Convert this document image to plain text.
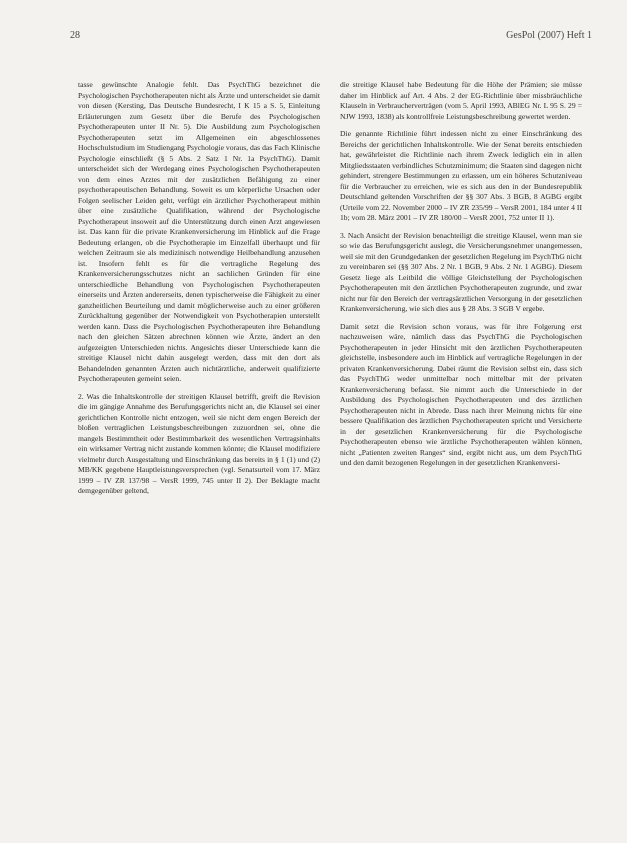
28	GesPol (2007) Heft 1

tasse gewünschte Analogie fehlt. Das PsychThG bezeichnet die Psychologischen Psychotherapeuten nicht als Ärzte und unterscheidet sie damit von diesen (Kersting, Das Deutsche Bundesrecht, I K 15 a S. 5, Einleitung Erläuterungen zum Gesetz über die Berufe des Psychologischen Psychotherapeuten unter II Nr. 5). Die Ausbildung zum Psychologischen Psychotherapeuten setzt im Allgemeinen ein abgeschlossenes Hochschulstudium im Studiengang Psychologie voraus, das das Fach Klinische Psychologie einschließt (§ 5 Abs. 2 Satz 1 Nr. 1a PsychThG). Damit unterscheidet sich der Werdegang eines Psychologischen Psychotherapeuten von dem eines Arztes mit der zusätzlichen Befähigung zu einer psychotherapeutischen Behandlung. Soweit es um körperliche Ursachen oder Folgen seelischer Leiden geht, verfügt ein ärztlicher Psychotherapeut mithin über eine zusätzliche Qualifikation, während der Psychologische Psychotherapeut insoweit auf die Unterstützung durch einen Arzt angewiesen ist. Das kann für die private Krankenversicherung im Hinblick auf die Frage Bedeutung erlangen, ob die Psychotherapie im Einzelfall überhaupt und für welchen Zeitraum sie als medizinisch notwendige Heilbehandlung anzusehen ist. Insofern fehlt es für die vertragliche Regelung des Krankenversicherungsschutzes nicht an sachlichen Gründen für eine unterschiedliche Behandlung von Psychologischen Psychotherapeuten einerseits und Ärzten andererseits, denen typischerweise die Fähigkeit zu einer ganzheitlichen Beurteilung und damit möglicherweise auch zu einer größeren Zurückhaltung gegenüber der Notwendigkeit von Psychotherapien unterstellt werden kann. Dass die Psychologischen Psychotherapeuten ihre Behandlung nach den gleichen Sätzen abrechnen können wie Ärzte, ändert an den aufgezeigten Unterschieden nichts. Angesichts dieser Unterschiede kann die streitige Klausel nicht dahin ausgelegt werden, dass mit den dort als Behandelnden genannten Ärzten auch nichtärztliche, anderweit qualifizierte Psychotherapeuten gemeint seien.

2. Was die Inhaltskontrolle der streitigen Klausel betrifft, greift die Revision die im gängige Annahme des Berufungsgerichts nicht an, die Klausel sei einer gerichtlichen Kontrolle nicht entzogen, weil sie nicht dem engen Bereich der bloßen vertraglichen Leistungsbeschreibungen zuzuordnen sei, ohne die mangels Bestimmtheit oder Bestimmbarkeit des wesentlichen Vertragsinhalts ein wirksamer Vertrag nicht zustande kommen könnte; die Klausel modifiziere vielmehr durch Ausgestaltung und Einschränkung das bereits in § 1 (1) und (2) MB/KK gegebene Hauptleistungsversprechen (vgl. Senatsurteil vom 17. März 1999 – IV ZR 137/98 – VersR 1999, 745 unter II 2). Der Beklagte macht demgegenüber geltend,

die streitige Klausel habe Bedeutung für die Höhe der Prämien; sie müsse daher im Hinblick auf Art. 4 Abs. 2 der EG-Richtlinie über missbräuchliche Klauseln in Verbraucherverträgen (vom 5. April 1993, ABlEG Nr. L 95 S. 29 = NJW 1993, 1838) als kontrollfreie Leistungsbeschreibung gewertet werden.

Die genannte Richtlinie führt indessen nicht zu einer Einschränkung des Bereichs der gerichtlichen Inhaltskontrolle. Wie der Senat bereits entschieden hat, gewährleistet die Richtlinie nach ihrem Zweck lediglich ein in allen Mitgliedsstaaten verbindliches Schutzminimum; die Staaten sind dagegen nicht gehindert, strengere Bestimmungen zu erlassen, um ein höheres Schutzniveau für die Verbraucher zu erreichen, wie es sich aus den in der Bundesrepublik Deutschland geltenden Vorschriften der §§ 307 Abs. 3 BGB, 8 AGBG ergibt (Urteile vom 22. November 2000 – IV ZR 235/99 – VersR 2001, 184 unter 4 II 1b; vom 28. März 2001 – IV ZR 180/00 – VersR 2001, 752 unter II 1).

3. Nach Ansicht der Revision benachteiligt die streitige Klausel, wenn man sie so wie das Berufungsgericht auslegt, die Versicherungsnehmer unangemessen, weil sie mit den Grundgedanken der gesetzlichen Regelung im PsychThG nicht zu vereinbaren sei (§§ 307 Abs. 2 Nr. 1 BGB, 9 Abs. 2 Nr. 1 AGBG). Diesem Gesetz liege als Leitbild die völlige Gleichstellung der Psychologischen Psychotherapeuten mit den ärztlichen Psychotherapeuten zugrunde, und zwar nicht nur für den Bereich der vertragsärztlichen Versorgung in der gesetzlichen Krankenversicherung, wie sich dies aus § 28 Abs. 3 SGB V ergebe.

Damit setzt die Revision schon voraus, was für ihre Folgerung erst nachzuweisen wäre, nämlich dass das PsychThG die Psychologischen Psychotherapeuten in jeder Hinsicht mit den ärztlichen Psychotherapeuten gleichstelle, insbesondere auch im Hinblick auf vertragliche Regelungen in der privaten Krankenversicherung. Dabei räumt die Revision selbst ein, dass sich das PsychThG weder unmittelbar noch mittelbar mit der privaten Krankenversicherung befasst. Sie nimmt auch die Unterschiede in der Ausbildung des Psychologischen Psychotherapeuten und des ärztlichen Psychotherapeuten nicht in Abrede. Dass nach ihrer Meinung nichts für eine bessere Qualifikation des ärztlichen Psychotherapeuten spricht und Versicherte in der gesetzlichen Krankenversicherung für die Psychologische Psychotherapeuten ebenso wie ärztliche Psychotherapeuten wählen können, nicht „Patienten zweiten Ranges“ sind, ergibt nicht aus, um dem PsychThG und den damit bezogenen Regelungen in der gesetzlichen Krankenversi-
